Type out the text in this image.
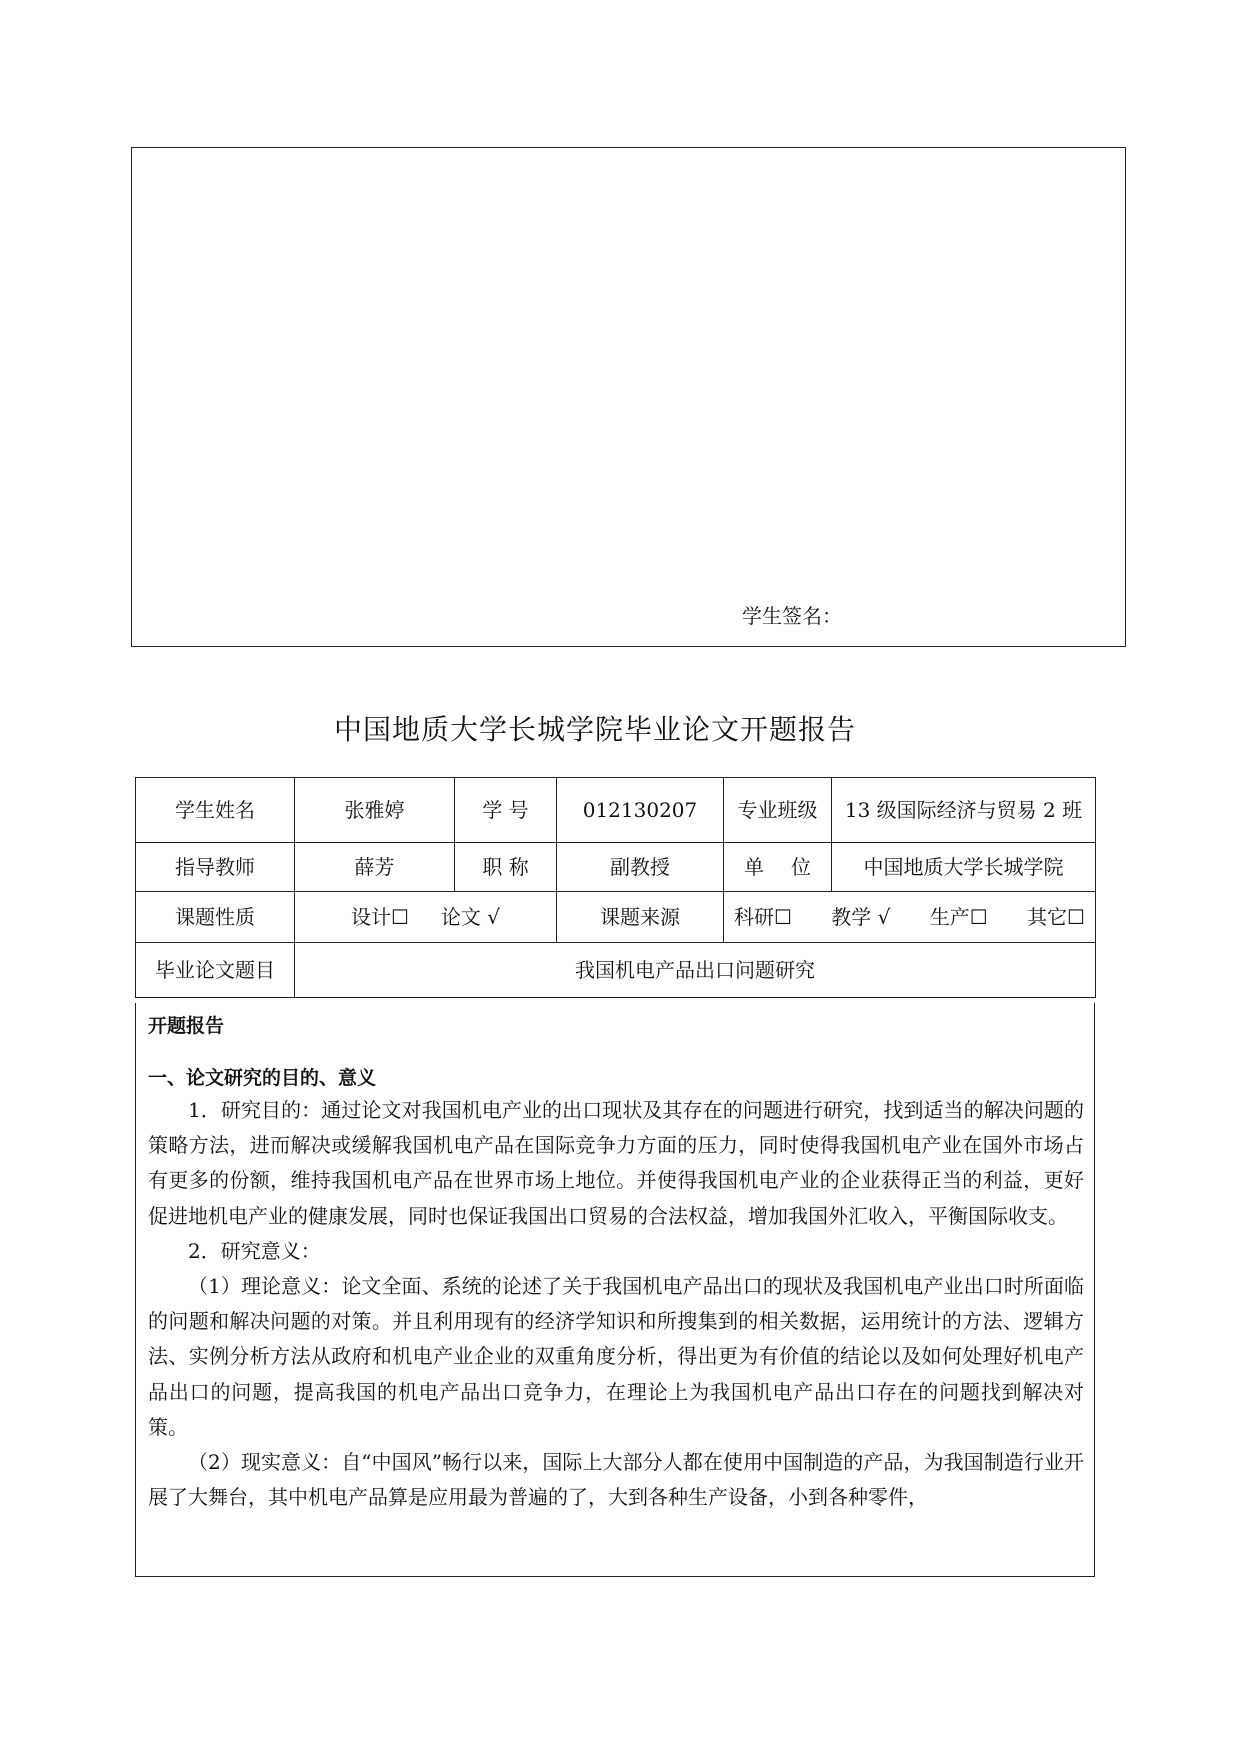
学生签名：
中国地质大学长城学院毕业论文开题报告
学生姓名	张雅婷	学 号	012130207	专业班级	13 级国际经济与贸易 2 班
指导教师	薛芳	职 称	副教授	单 位	中国地质大学长城学院
课题性质	设计☐ 论文 √		课题来源	科研☐ 教学 √ 生产☐ 其它☐	

毕业论文题目	我国机电产品出口问题研究				
开题报告
一、论文研究的目的、意义

1．研究目的：通过论文对我国机电产业的出口现状及其存在的问题进行研究，找到适当的解决问题的策略方法，进而解决或缓解我国机电产品在国际竞争力方面的压力，同时使得我国机电产业在国外市场占有更多的份额，维持我国机电产品在世界市场上地位。并使得我国机电产业的企业获得正当的利益，更好促进地机电产业的健康发展，同时也保证我国出口贸易的合法权益，增加我国外汇收入，平衡国际收支。

2．研究意义：

（1）理论意义：论文全面、系统的论述了关于我国机电产品出口的现状及我国机电产业出口时所面临的问题和解决问题的对策。并且利用现有的经济学知识和所搜集到的相关数据，运用统计的方法、逻辑方法、实例分析方法从政府和机电产业企业的双重角度分析，得出更为有价值的结论以及如何处理好机电产品出口的问题，提高我国的机电产品出口竞争力，在理论上为我国机电产品出口存在的问题找到解决对策。

（2）现实意义：自“中国风”畅行以来，国际上大部分人都在使用中国制造的产品，为我国制造行业开展了大舞台，其中机电产品算是应用最为普遍的了，大到各种生产设备，小到各种零件，
